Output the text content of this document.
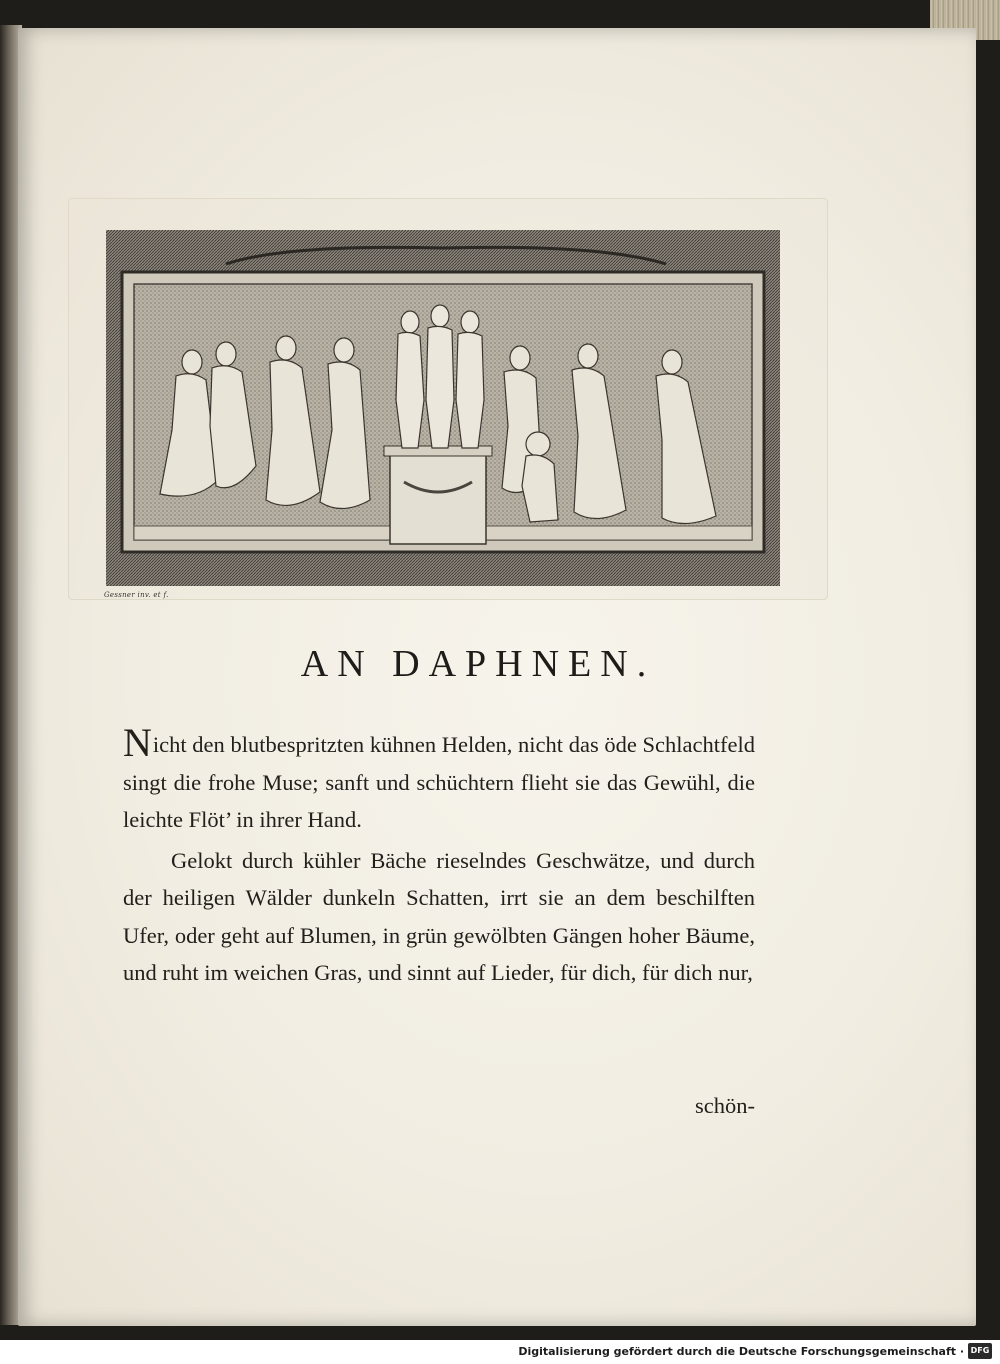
Gessner inv. et f.
AN DAPHNEN.

Nicht den blutbespritzten kühnen Helden, nicht das öde Schlachtfeld singt die frohe Muse; sanft und schüchtern flieht sie das Gewühl, die leichte Flöt’ in ihrer Hand.

Gelokt durch kühler Bäche rieselndes Geschwätze, und durch der heiligen Wälder dunkeln Schatten, irrt sie an dem beschilften Ufer, oder geht auf Blumen, in grün gewölbten Gängen hoher Bäume, und ruht im weichen Gras, und sinnt auf Lieder, für dich, für dich nur,

schön-
Digitalisierung gefördert durch die Deutsche Forschungsgemeinschaft · DFG
